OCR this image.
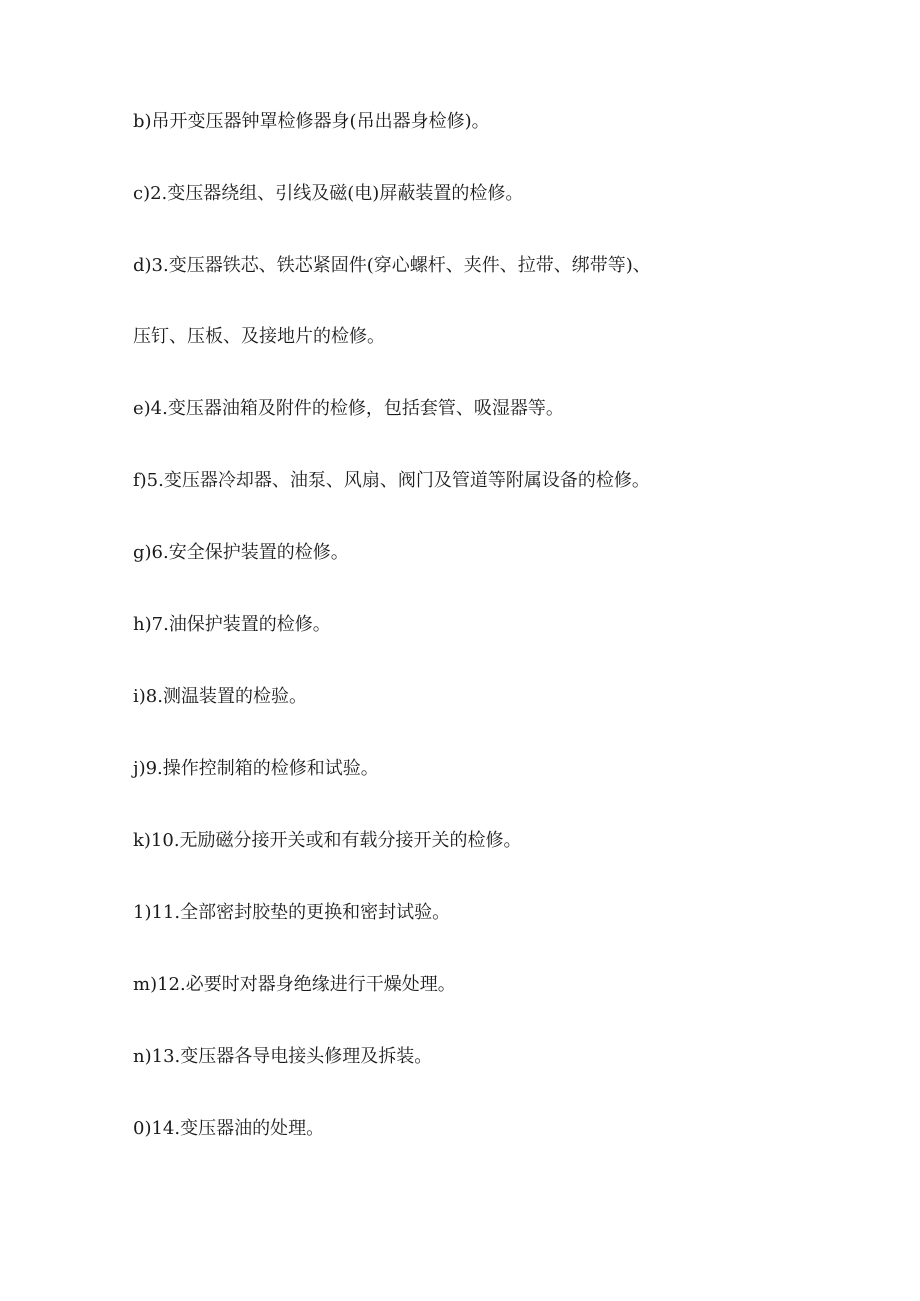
b)吊开变压器钟罩检修器身(吊出器身检修)。

c)2.变压器绕组、引线及磁(电)屏蔽装置的检修。

d)3.变压器铁芯、铁芯紧固件(穿心螺杆、夹件、拉带、绑带等)、

压钉、压板、及接地片的检修。

e)4.变压器油箱及附件的检修，包括套管、吸湿器等。

f)5.变压器冷却器、油泵、风扇、阀门及管道等附属设备的检修。

g)6.安全保护装置的检修。

h)7.油保护装置的检修。

i)8.测温装置的检验。

j)9.操作控制箱的检修和试验。

k)10.无励磁分接开关或和有载分接开关的检修。

1)11.全部密封胶垫的更换和密封试验。

m)12.必要时对器身绝缘进行干燥处理。

n)13.变压器各导电接头修理及拆装。

0)14.变压器油的处理。
